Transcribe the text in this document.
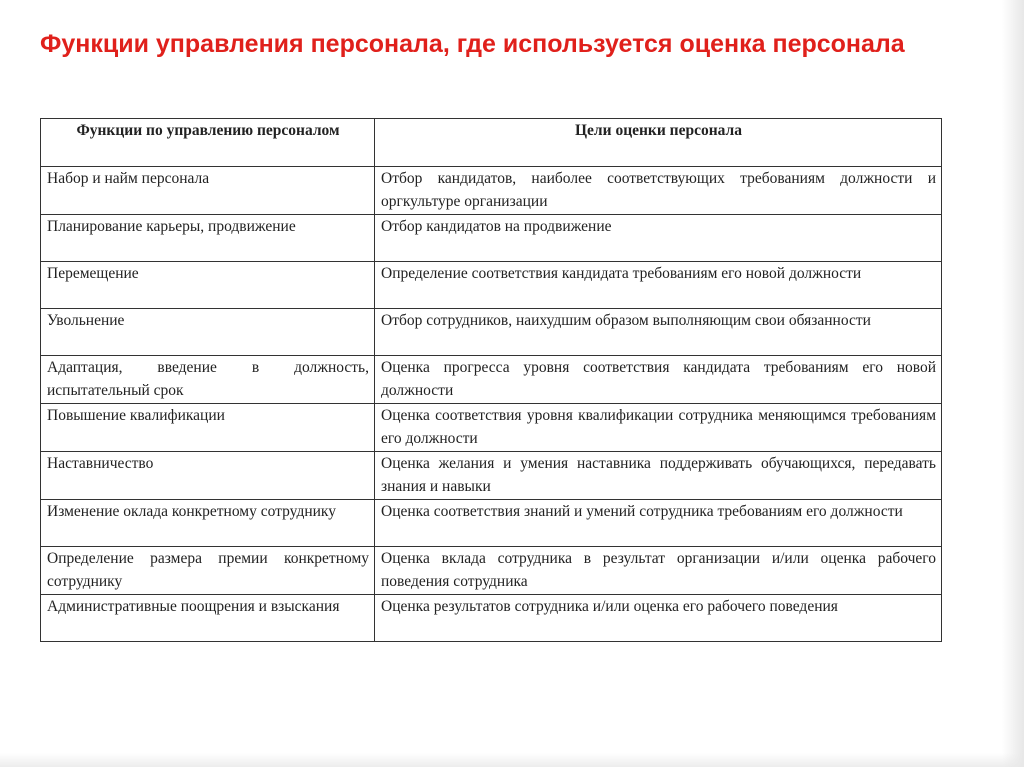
Функции управления персонала, где используется оценка персонала
Функции по управлению персоналом	Цели оценки персонала
Набор и найм персонала	Отбор кандидатов, наиболее соответствующих требованиям должности и оргкультуре организации
Планирование карьеры, продвижение	Отбор кандидатов на продвижение
Перемещение	Определение соответствия кандидата требованиям его новой должности
Увольнение	Отбор сотрудников, наихудшим образом выполняющим свои обязанности
Адаптация, введение в должность, испытательный срок	Оценка прогресса уровня соответствия кандидата требованиям его новой должности
Повышение квалификации	Оценка соответствия уровня квалификации сотрудника меняющимся требованиям его должности
Наставничество	Оценка желания и умения наставника поддерживать обучающихся, передавать знания и навыки
Изменение оклада конкретному сотруднику	Оценка соответствия знаний и умений сотрудника требованиям его должности
Определение размера премии конкретному сотруднику	Оценка вклада сотрудника в результат организации и/или оценка рабочего поведения сотрудника
Административные поощрения и взыскания	Оценка результатов сотрудника и/или оценка его рабочего поведения
